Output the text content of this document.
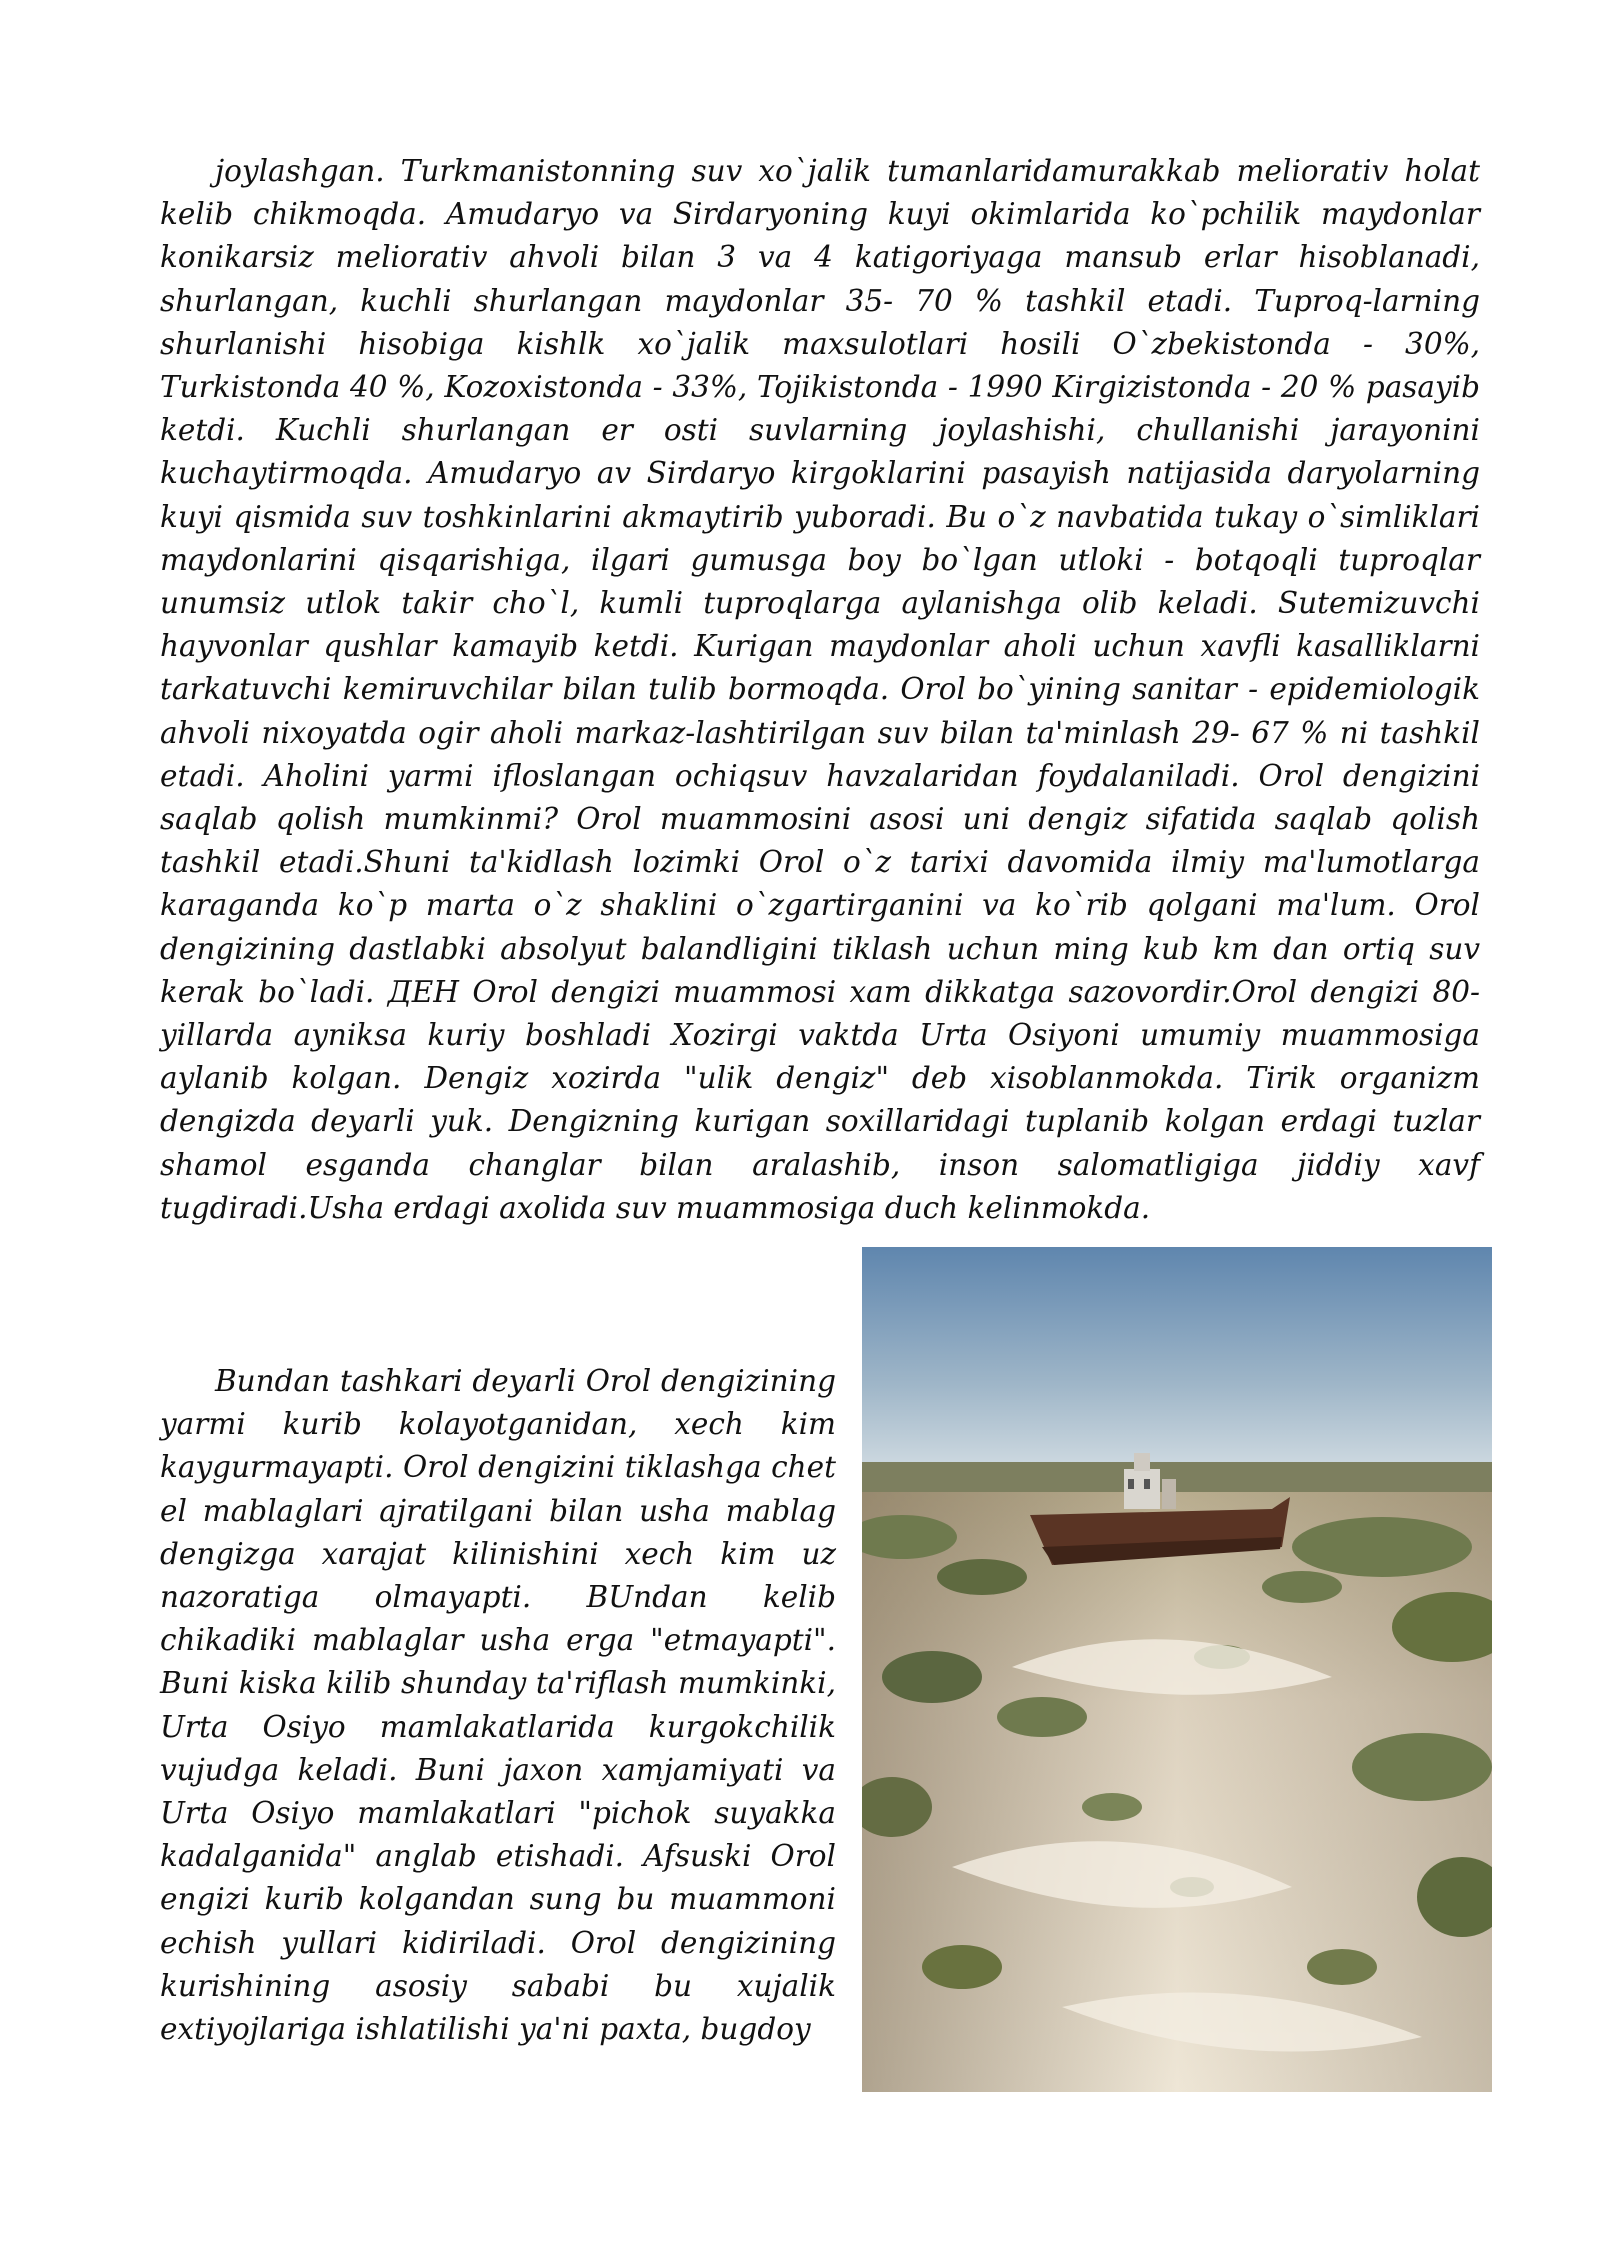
joylashgan. Turkmanistonning suv xo`jalik tumanlaridamurakkab meliorativ holat kelib chikmoqda. Amudaryo va Sirdaryoning kuyi okimlarida ko`pchilik maydonlar konikarsiz meliorativ ahvoli bilan 3 va 4 katigoriyaga mansub erlar hisoblanadi, shurlangan, kuchli shurlangan maydonlar 35- 70 % tashkil etadi. Tuproq-larning shurlanishi hisobiga kishlk xo`jalik maxsulotlari hosili O`zbekistonda - 30%, Turkistonda 40 %, Kozoxistonda - 33%, Tojikistonda - 1990 Kirgizistonda - 20 % pasayib ketdi. Kuchli shurlangan er osti suvlarning joylashishi, chullanishi jarayonini kuchaytirmoqda. Amudaryo av Sirdaryo kirgoklarini pasayish natijasida daryolarning kuyi qismida suv toshkinlarini akmaytirib yuboradi. Bu o`z navbatida tukay o`simliklari maydonlarini qisqarishiga, ilgari gumusga boy bo`lgan utloki - botqoqli tuproqlar unumsiz utlok takir cho`l, kumli tuproqlarga aylanishga olib keladi. Sutemizuvchi hayvonlar qushlar kamayib ketdi. Kurigan maydonlar aholi uchun xavfli kasalliklarni tarkatuvchi kemiruvchilar bilan tulib bormoqda. Orol bo`yining sanitar - epidemiologik ahvoli nixoyatda ogir aholi markaz-lashtirilgan suv bilan ta'minlash 29- 67 % ni tashkil etadi. Aholini yarmi ifloslangan ochiqsuv havzalaridan foydalaniladi. Orol dengizini saqlab qolish mumkinmi? Orol muammosini asosi uni dengiz sifatida saqlab qolish tashkil etadi.Shuni ta'kidlash lozimki Orol o`z tarixi davomida ilmiy ma'lumotlarga karaganda ko`p marta o`z shaklini o`zgartirganini va ko`rib qolgani ma'lum. Orol dengizining dastlabki absolyut balandligini tiklash uchun ming kub km dan ortiq suv kerak bo`ladi. ДЕН Orol dengizi muammosi xam dikkatga sazovordir.Orol dengizi 80-yillarda ayniksa kuriy boshladi Xozirgi vaktda Urta Osiyoni umumiy muammosiga aylanib kolgan. Dengiz xozirda "ulik dengiz" deb xisoblanmokda. Tirik organizm dengizda deyarli yuk. Dengizning kurigan soxillaridagi tuplanib kolgan erdagi tuzlar shamol esganda changlar bilan aralashib, inson salomatligiga jiddiy xavf tugdiradi.Usha erdagi axolida suv muammosiga duch kelinmokda.

Bundan tashkari deyarli Orol dengizining yarmi kurib kolayotganidan, xech kim kaygurmayapti. Orol dengizini tiklashga chet el mablaglari ajratilgani bilan usha mablag dengizga xarajat kilinishini xech kim uz nazoratiga olmayapti. BUndan kelib chikadiki mablaglar usha erga "etmayapti". Buni kiska kilib shunday ta'riflash mumkinki, Urta Osiyo mamlakatlarida kurgokchilik vujudga keladi. Buni jaxon xamjamiyati va Urta Osiyo mamlakatlari "pichok suyakka kadalganida" anglab etishadi. Afsuski Orol engizi kurib kolgandan sung bu muammoni echish yullari kidiriladi. Orol dengizining kurishining asosiy sababi bu xujalik extiyojlariga ishlatilishi ya'ni paxta, bugdoy
